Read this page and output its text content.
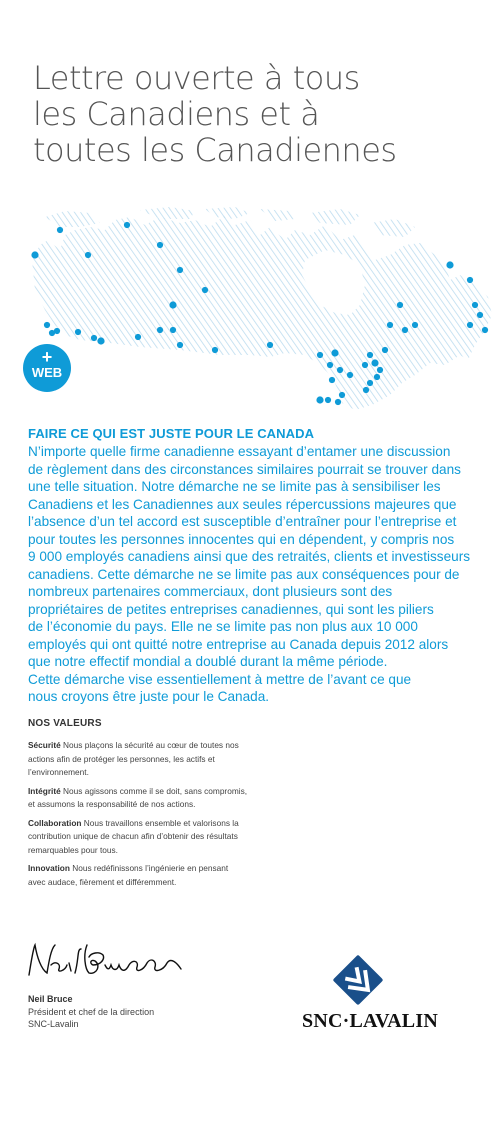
Lettre ouverte à tous
les Canadiens et à
toutes les Canadiennes
+
WEB
FAIRE CE QUI EST JUSTE POUR LE CANADA
N’importe quelle firme canadienne essayant d’entamer une discussion
de règlement dans des circonstances similaires pourrait se trouver dans
une telle situation. Notre démarche ne se limite pas à sensibiliser les
Canadiens et les Canadiennes aux seules répercussions majeures que
l’absence d’un tel accord est susceptible d’entraîner pour l’entreprise et
pour toutes les personnes innocentes qui en dépendent, y compris nos
9 000 employés canadiens ainsi que des retraités, clients et investisseurs
canadiens. Cette démarche ne se limite pas aux conséquences pour de
nombreux partenaires commerciaux, dont plusieurs sont des
propriétaires de petites entreprises canadiennes, qui sont les piliers
de l’économie du pays. Elle ne se limite pas non plus aux 10 000
employés qui ont quitté notre entreprise au Canada depuis 2012 alors
que notre effectif mondial a doublé durant la même période.
Cette démarche vise essentiellement à mettre de l’avant ce que
nous croyons être juste pour le Canada.
NOS VALEURS
Sécurité Nous plaçons la sécurité au cœur de toutes nos
actions afin de protéger les personnes, les actifs et
l’environnement.
Intégrité Nous agissons comme il se doit, sans compromis,
et assumons la responsabilité de nos actions.
Collaboration Nous travaillons ensemble et valorisons la
contribution unique de chacun afin d’obtenir des résultats
remarquables pour tous.
Innovation Nous redéfinissons l’ingénierie en pensant
avec audace, fièrement et différemment.
Neil Bruce
Président et chef de la direction
SNC-Lavalin	SNC·LAVALIN
